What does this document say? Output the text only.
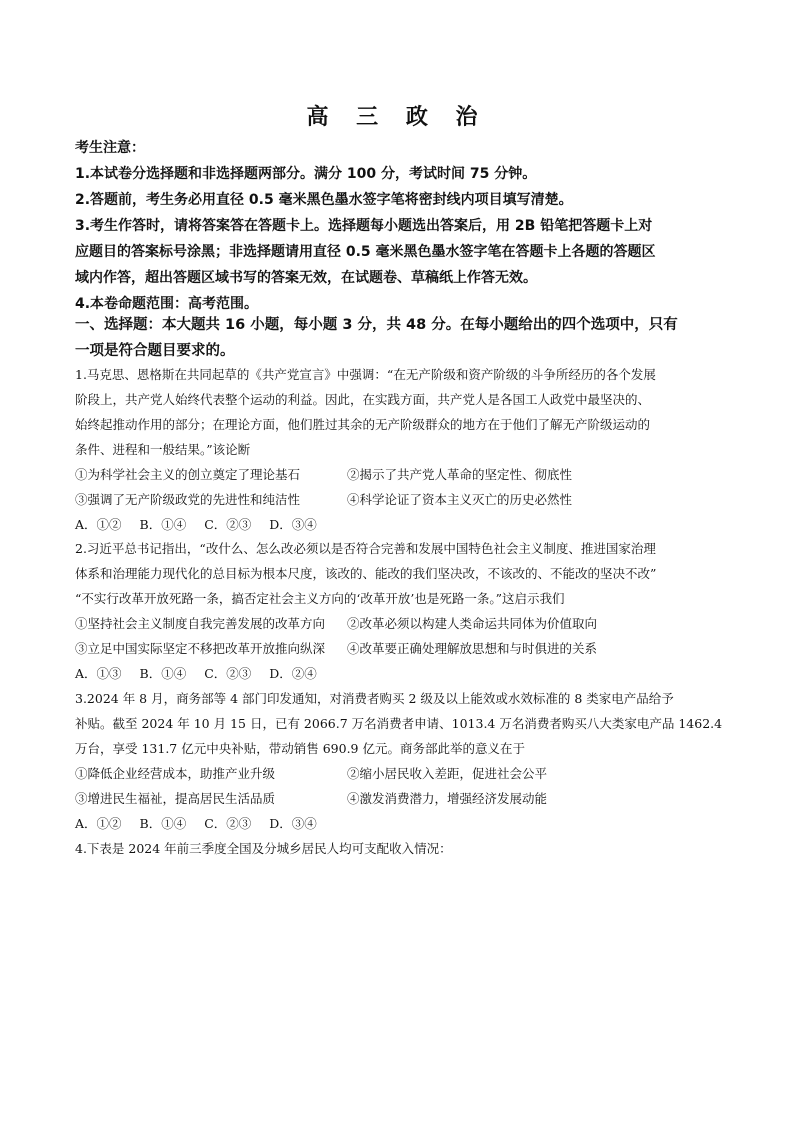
高 三 政 治
考生注意：
1.本试卷分选择题和非选择题两部分。满分 100 分，考试时间 75 分钟。
2.答题前，考生务必用直径 0.5 毫米黑色墨水签字笔将密封线内项目填写清楚。
3.考生作答时，请将答案答在答题卡上。选择题每小题选出答案后，用 2B 铅笔把答题卡上对
应题目的答案标号涂黑；非选择题请用直径 0.5 毫米黑色墨水签字笔在答题卡上各题的答题区
域内作答，超出答题区域书写的答案无效，在试题卷、草稿纸上作答无效。
4.本卷命题范围：高考范围。
一、选择题：本大题共 16 小题，每小题 3 分，共 48 分。在每小题给出的四个选项中，只有
一项是符合题目要求的。
1.马克思、恩格斯在共同起草的《共产党宣言》中强调：“在无产阶级和资产阶级的斗争所经历的各个发展
阶段上，共产党人始终代表整个运动的利益。因此，在实践方面，共产党人是各国工人政党中最坚决的、
始终起推动作用的部分；在理论方面，他们胜过其余的无产阶级群众的地方在于他们了解无产阶级运动的
条件、进程和一般结果。”该论断
①为科学社会主义的创立奠定了理论基石	②揭示了共产党人革命的坚定性、彻底性
③强调了无产阶级政党的先进性和纯洁性	④科学论证了资本主义灭亡的历史必然性
A．①② B．①④ C．②③ D．③④
2.习近平总书记指出，“改什么、怎么改必须以是否符合完善和发展中国特色社会主义制度、推进国家治理
体系和治理能力现代化的总目标为根本尺度，该改的、能改的我们坚决改，不该改的、不能改的坚决不改”
“不实行改革开放死路一条，搞否定社会主义方向的‘改革开放’也是死路一条。”这启示我们
①坚持社会主义制度自我完善发展的改革方向	②改革必须以构建人类命运共同体为价值取向
③立足中国实际坚定不移把改革开放推向纵深	④改革要正确处理解放思想和与时俱进的关系
A．①③ B．①④ C．②③ D．②④
3.2024 年 8 月，商务部等 4 部门印发通知，对消费者购买 2 级及以上能效或水效标准的 8 类家电产品给予
补贴。截至 2024 年 10 月 15 日，已有 2066.7 万名消费者申请、1013.4 万名消费者购买八大类家电产品 1462.4
万台，享受 131.7 亿元中央补贴，带动销售 690.9 亿元。商务部此举的意义在于
①降低企业经营成本，助推产业升级	②缩小居民收入差距，促进社会公平
③增进民生福祉，提高居民生活品质	④激发消费潜力，增强经济发展动能
A．①② B．①④ C．②③ D．③④
4.下表是 2024 年前三季度全国及分城乡居民人均可支配收入情况：
